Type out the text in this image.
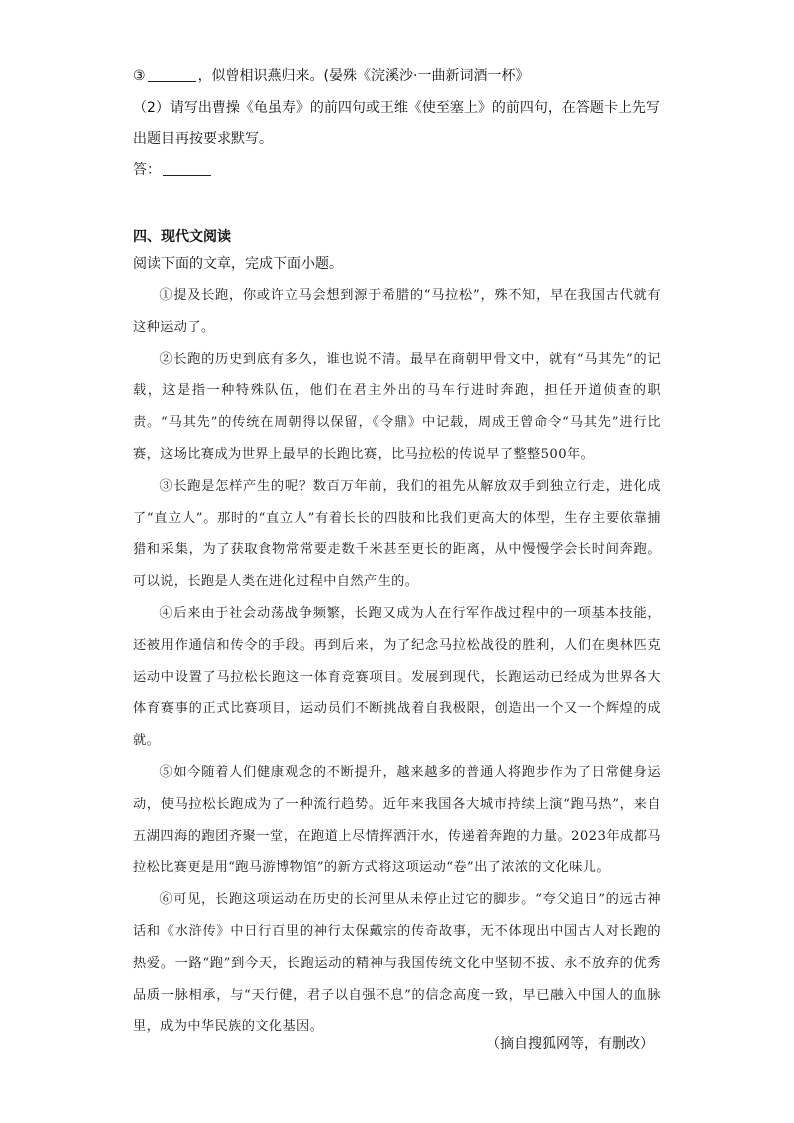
③	，似曾相识燕归来。(晏殊《浣溪沙·一曲新词酒一杯》
（2）请写出曹操《龟虽寿》的前四句或王维《使至塞上》的前四句，在答题卡上先写
出题目再按要求默写。
答：
四、现代文阅读
阅读下面的文章，完成下面小题。

①提及长跑，你或许立马会想到源于希腊的“马拉松”，殊不知，早在我国古代就有这种运动了。

②长跑的历史到底有多久，谁也说不清。最早在商朝甲骨文中，就有“马其先”的记载，这是指一种特殊队伍，他们在君主外出的马车行进时奔跑，担任开道侦查的职责。“马其先”的传统在周朝得以保留，《令鼎》中记载，周成王曾命令“马其先”进行比赛，这场比赛成为世界上最早的长跑比赛，比马拉松的传说早了整整500年。

③长跑是怎样产生的呢？数百万年前，我们的祖先从解放双手到独立行走，进化成了“直立人”。那时的“直立人”有着长长的四肢和比我们更高大的体型，生存主要依靠捕猎和采集，为了获取食物常常要走数千米甚至更长的距离，从中慢慢学会长时间奔跑。可以说，长跑是人类在进化过程中自然产生的。

④后来由于社会动荡战争频繁，长跑又成为人在行军作战过程中的一项基本技能，还被用作通信和传令的手段。再到后来，为了纪念马拉松战役的胜利，人们在奥林匹克运动中设置了马拉松长跑这一体育竞赛项目。发展到现代，长跑运动已经成为世界各大体育赛事的正式比赛项目，运动员们不断挑战着自我极限，创造出一个又一个辉煌的成就。

⑤如今随着人们健康观念的不断提升，越来越多的普通人将跑步作为了日常健身运动，使马拉松长跑成为了一种流行趋势。近年来我国各大城市持续上演“跑马热”，来自五湖四海的跑团齐聚一堂，在跑道上尽情挥洒汗水，传递着奔跑的力量。2023年成都马拉松比赛更是用“跑马游博物馆”的新方式将这项运动“卷”出了浓浓的文化味儿。

⑥可见，长跑这项运动在历史的长河里从未停止过它的脚步。“夸父追日”的远古神话和《水浒传》中日行百里的神行太保戴宗的传奇故事，无不体现出中国古人对长跑的热爱。一路“跑”到今天，长跑运动的精神与我国传统文化中坚韧不拔、永不放弃的优秀品质一脉相承，与“天行健，君子以自强不息”的信念高度一致，早已融入中国人的血脉里，成为中华民族的文化基因。

（摘自搜狐网等，有删改）
